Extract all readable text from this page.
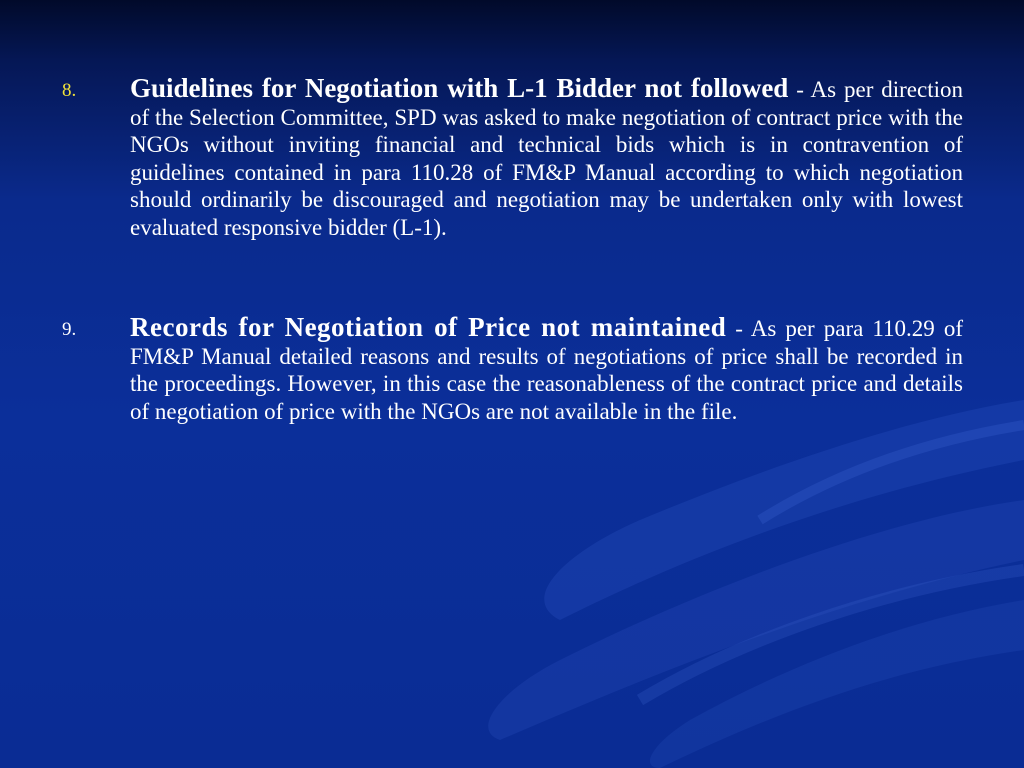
8. Guidelines for Negotiation with L-1 Bidder not followed - As per direction of the Selection Committee, SPD was asked to make negotiation of contract price with the NGOs without inviting financial and technical bids which is in contravention of guidelines contained in para 110.28 of FM&P Manual according to which negotiation should ordinarily be discouraged and negotiation may be undertaken only with lowest evaluated responsive bidder (L-1).
9. Records for Negotiation of Price not maintained - As per para 110.29 of FM&P Manual detailed reasons and results of negotiations of price shall be recorded in the proceedings. However, in this case the reasonableness of the contract price and details of negotiation of price with the NGOs are not available in the file.
